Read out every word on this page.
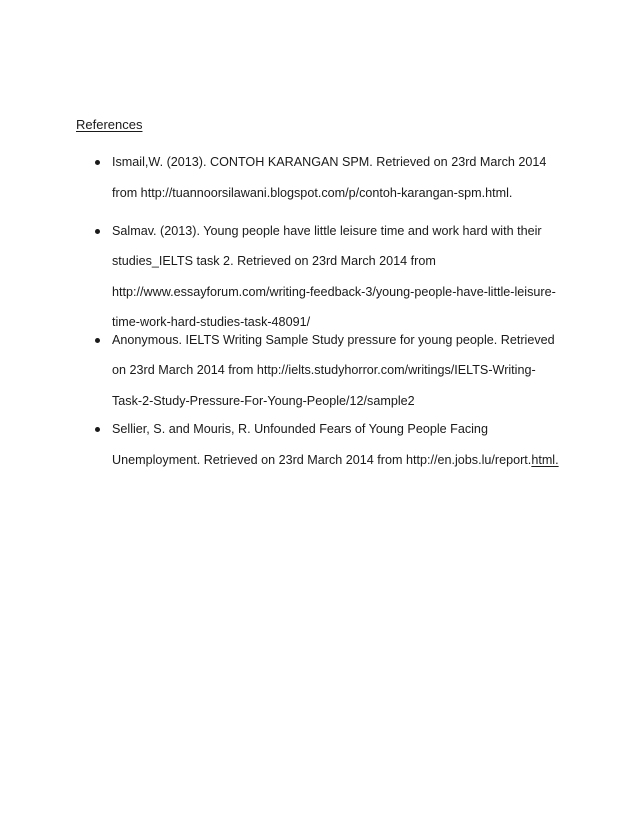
References
Ismail,W. (2013). CONTOH KARANGAN SPM. Retrieved on 23rd March 2014
from http://tuannoorsilawani.blogspot.com/p/contoh-karangan-spm.html.
Salmav. (2013). Young people have little leisure time and work hard with their
studies_IELTS task 2. Retrieved on 23rd March 2014 from
http://www.essayforum.com/writing-feedback-3/young-people-have-little-leisure-
time-work-hard-studies-task-48091/
Anonymous. IELTS Writing Sample Study pressure for young people. Retrieved
on 23rd March 2014 from http://ielts.studyhorror.com/writings/IELTS-Writing-
Task-2-Study-Pressure-For-Young-People/12/sample2
Sellier, S. and Mouris, R. Unfounded Fears of Young People Facing
Unemployment. Retrieved on 23rd March 2014 from http://en.jobs.lu/report.html.
